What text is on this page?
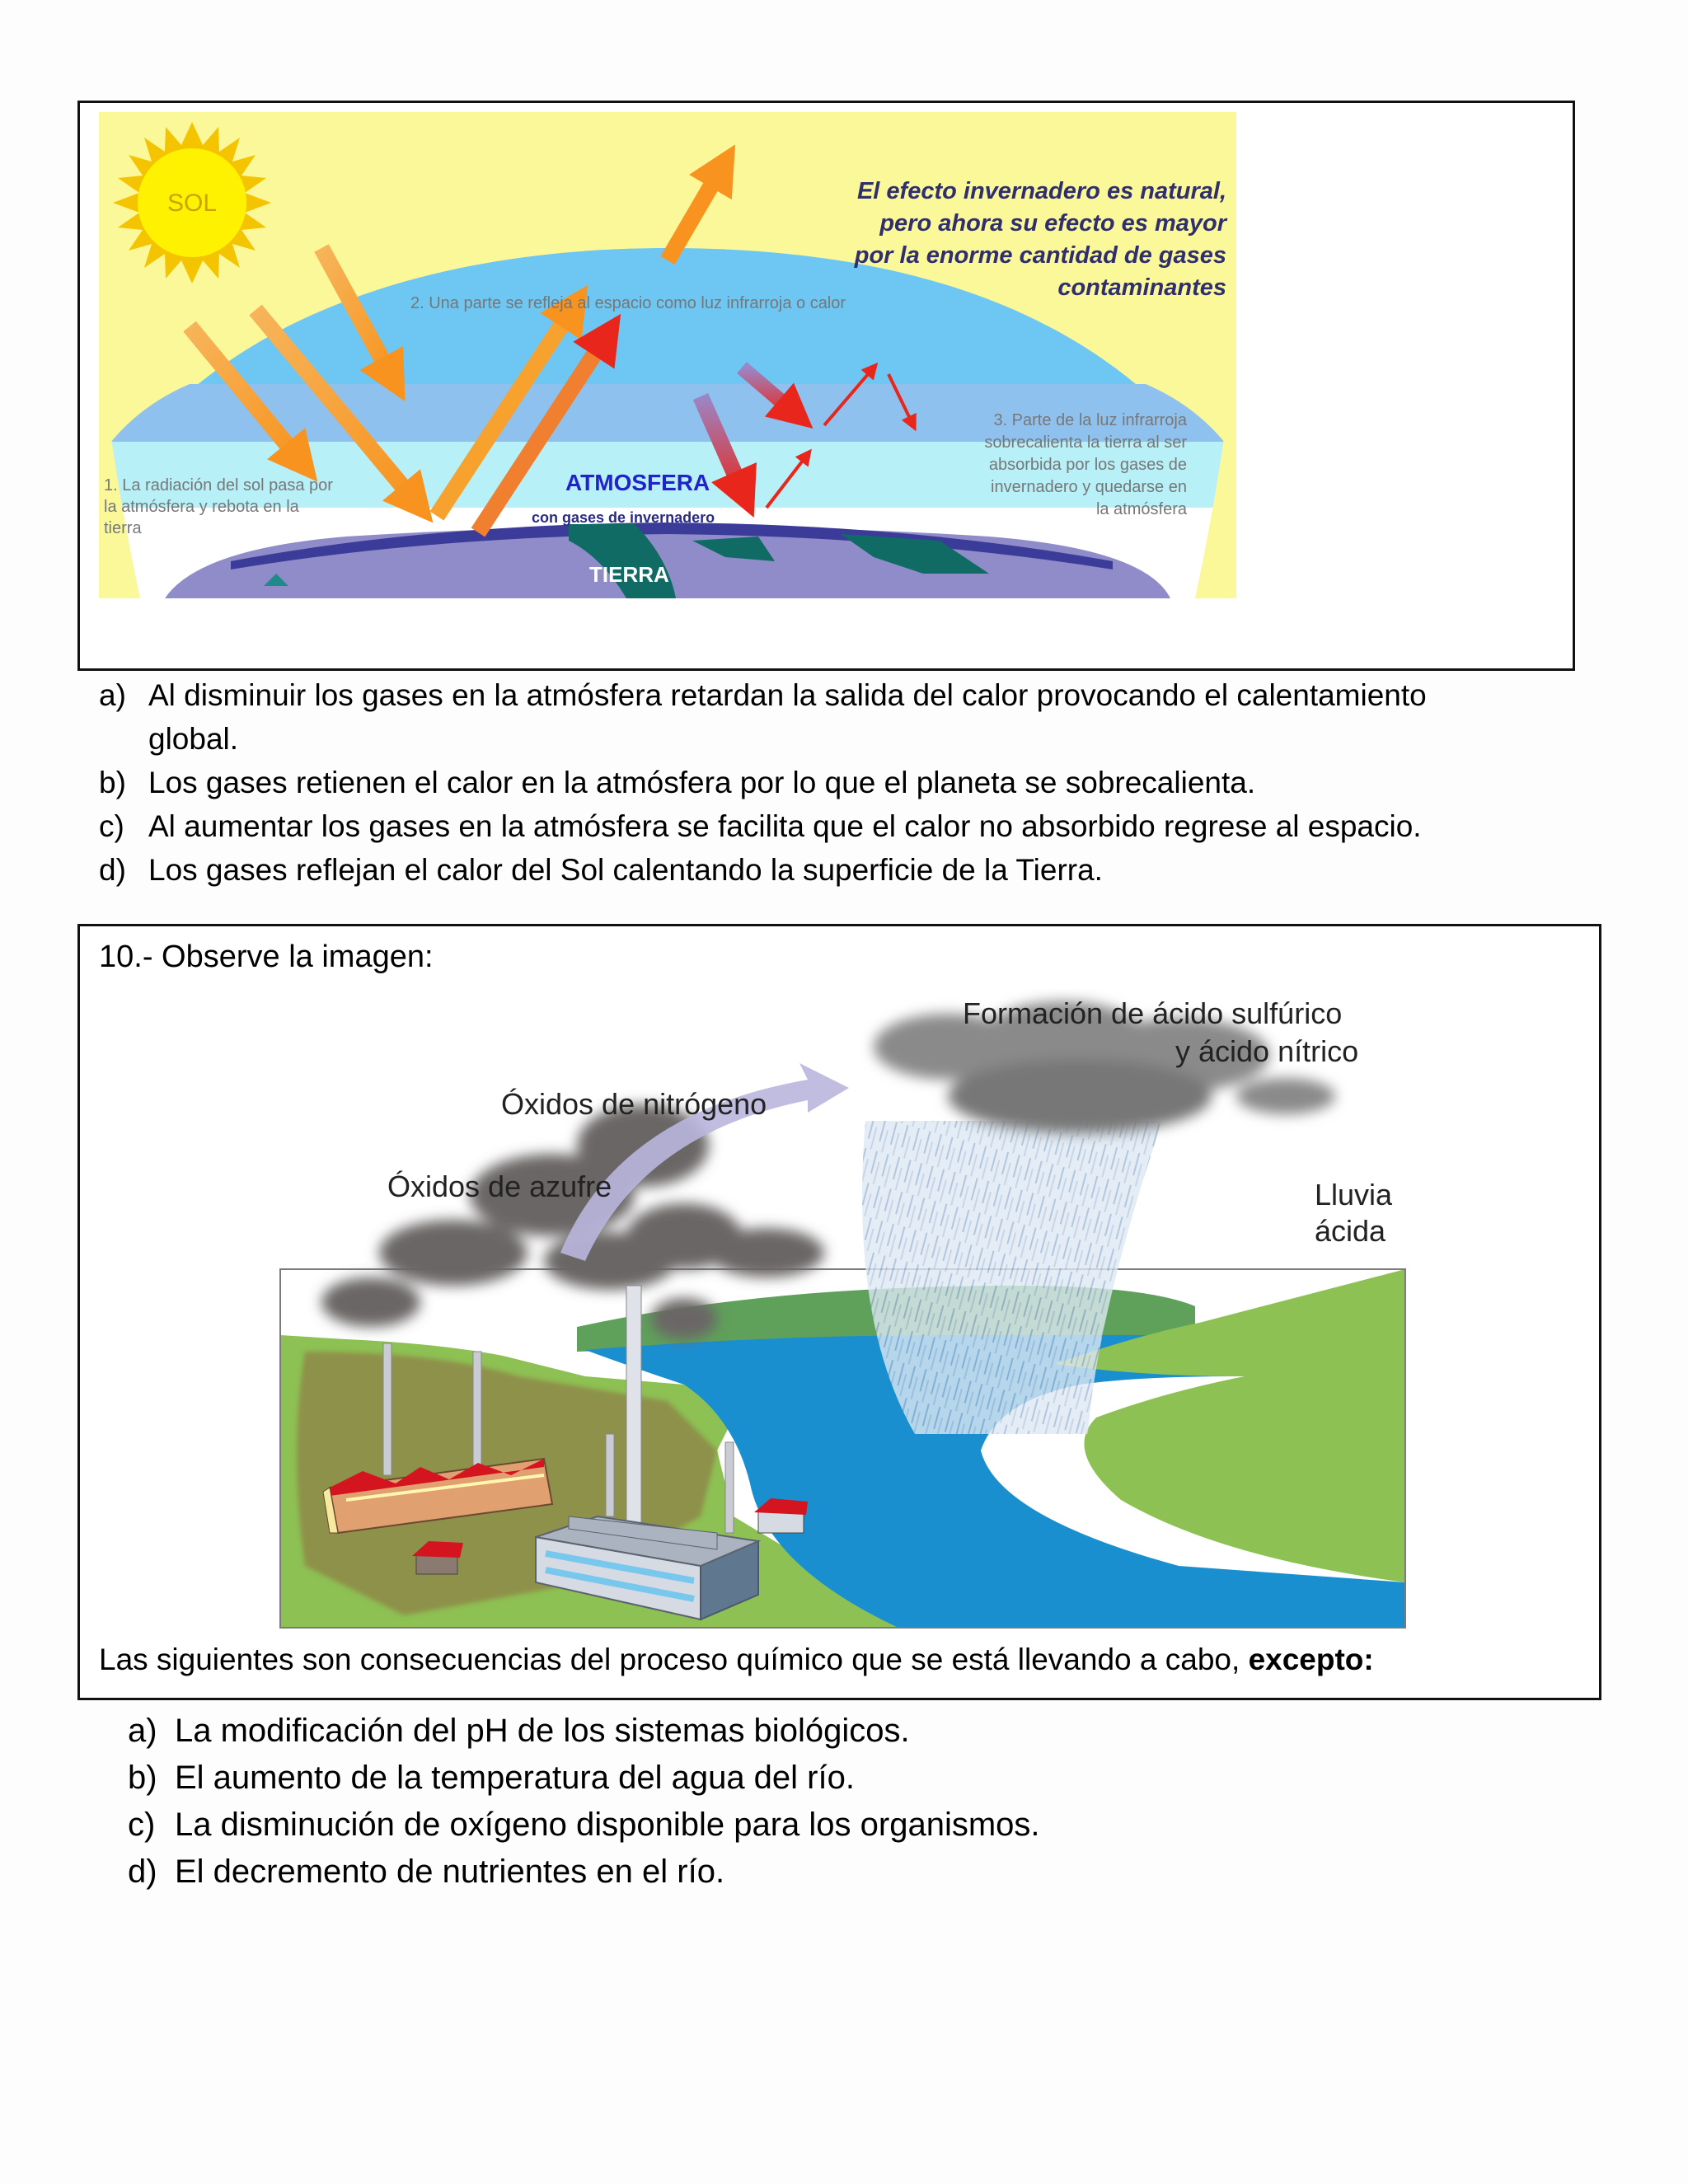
SOL	El efecto invernadero es natural,
pero ahora su efecto es mayor
por la enorme cantidad de gases
contaminantes
2. Una parte se refleja al espacio como luz infrarroja o calor
1. La radiación del sol pasa por
la atmósfera y rebota en la
tierra
3. Parte de la luz infrarroja
sobrecalienta la tierra al ser
absorbida por los gases de
invernadero y quedarse en
la atmósfera
ATMOSFERA
con gases de invernadero
TIERRA
a) Al disminuir los gases en la atmósfera retardan la salida del calor provocando el calentamiento
global.
b) Los gases retienen el calor en la atmósfera por lo que el planeta se sobrecalienta.
c) Al aumentar los gases en la atmósfera se facilita que el calor no absorbido regrese al espacio.
d) Los gases reflejan el calor del Sol calentando la superficie de la Tierra.
10.- Observe la imagen:
Formación de ácido sulfúrico
y ácido nítrico
Óxidos de nitrógeno
Óxidos de azufre	Lluvia
ácida
Las siguientes son consecuencias del proceso químico que se está llevando a cabo, excepto:
a) La modificación del pH de los sistemas biológicos.
b) El aumento de la temperatura del agua del río.
c) La disminución de oxígeno disponible para los organismos.
d) El decremento de nutrientes en el río.
